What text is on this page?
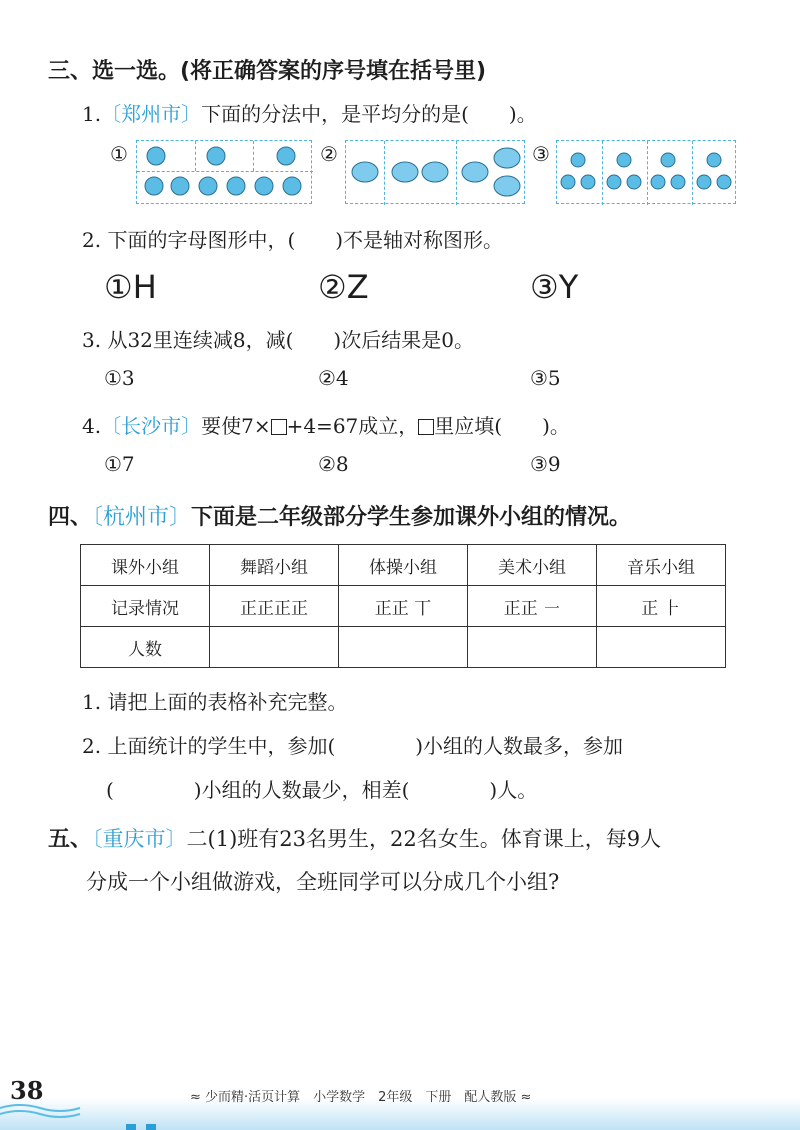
三、选一选。(将正确答案的序号填在括号里)
1.〔郑州市〕下面的分法中，是平均分的是(　　)。
①	②	③
2. 下面的字母图形中，(　　)不是轴对称图形。
①H	②Z	③Y
3. 从32里连续减8，减(　　)次后结果是0。
①3	②4	③5
4.〔长沙市〕要使7× +4=67成立， 里应填(　　)。
①7	②8	③9
四、〔杭州市〕下面是二年级部分学生参加课外小组的情况。
课外小组	舞蹈小组	体操小组	美术小组	音乐小组
记录情况	正正正正	正正 丅	正正 ㇐	正 ⺊
人数				
1. 请把上面的表格补充完整。
2. 上面统计的学生中，参加(　　　　)小组的人数最多，参加
(　　　　)小组的人数最少，相差(　　　　)人。
五、〔重庆市〕二(1)班有23名男生，22名女生。体育课上，每9人
分成一个小组做游戏，全班同学可以分成几个小组?
38	≈ 少而精·活页计算　小学数学　2年级　下册　配人教版 ≈
